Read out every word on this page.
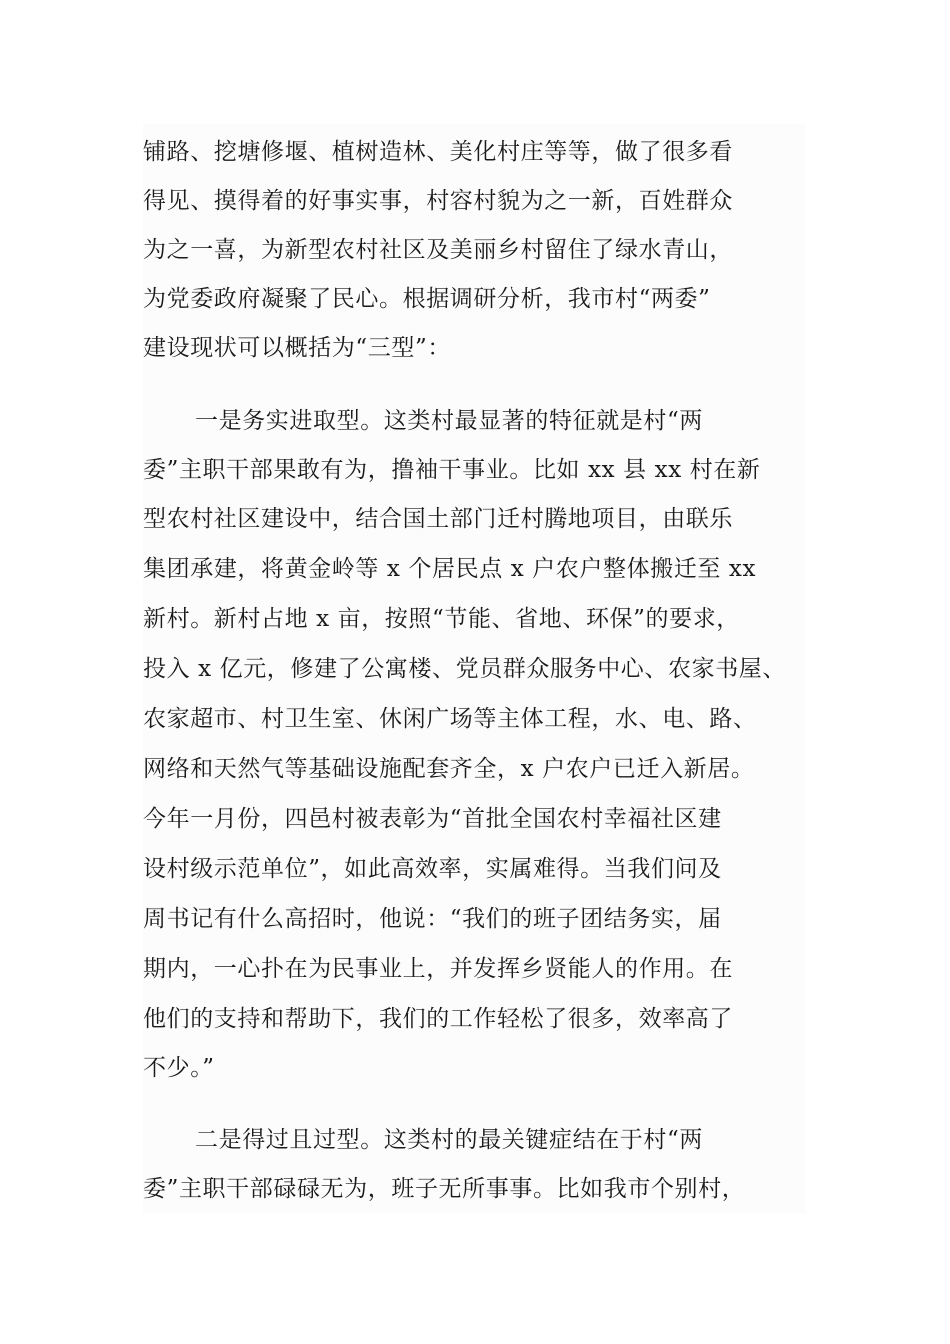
铺路、挖塘修堰、植树造林、美化村庄等等，做了很多看
得见、摸得着的好事实事，村容村貌为之一新，百姓群众
为之一喜，为新型农村社区及美丽乡村留住了绿水青山，
为党委政府凝聚了民心。根据调研分析，我市村“两委”
建设现状可以概括为“三型”：
一是务实进取型。这类村最显著的特征就是村“两
委”主职干部果敢有为，撸袖干事业。比如 xx 县 xx 村在新
型农村社区建设中，结合国土部门迁村腾地项目，由联乐
集团承建，将黄金岭等 x 个居民点 x 户农户整体搬迁至 xx
新村。新村占地 x 亩，按照“节能、省地、环保”的要求，
投入 x 亿元，修建了公寓楼、党员群众服务中心、农家书屋、
农家超市、村卫生室、休闲广场等主体工程，水、电、路、
网络和天然气等基础设施配套齐全，x 户农户已迁入新居。
今年一月份，四邑村被表彰为“首批全国农村幸福社区建
设村级示范单位”，如此高效率，实属难得。当我们问及
周书记有什么高招时，他说：“我们的班子团结务实，届
期内，一心扑在为民事业上，并发挥乡贤能人的作用。在
他们的支持和帮助下，我们的工作轻松了很多，效率高了
不少。”
二是得过且过型。这类村的最关键症结在于村“两
委”主职干部碌碌无为，班子无所事事。比如我市个别村，
